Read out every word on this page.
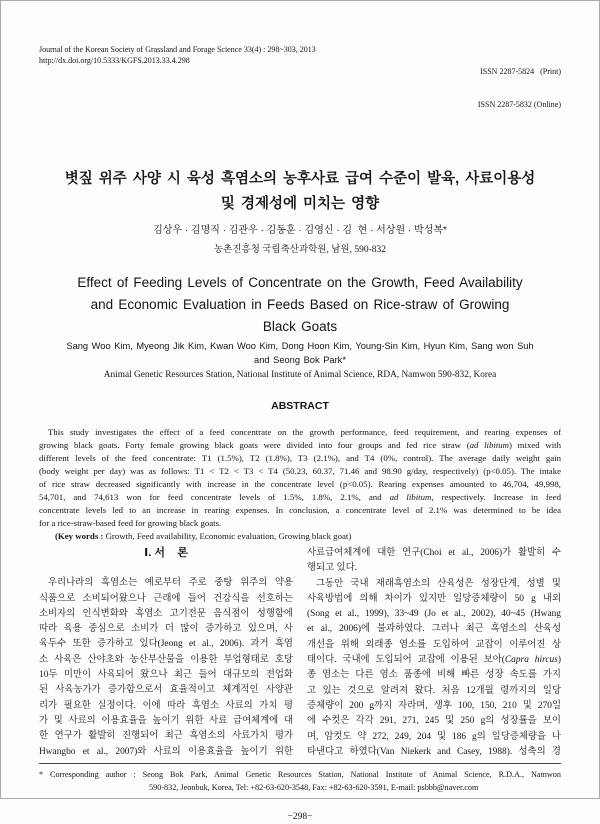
Journal of the Korean Society of Grassland and Forage Science 33(4) : 298~303, 2013
http://dx.doi.org/10.5333/KGFS.2013.33.4.298

ISSN 2287-5824   (Print)

ISSN 2287-5832 (Online)

볏짚 위주 사양 시 육성 흑염소의 농후사료 급여 수준이 발육, 사료이용성
및 경제성에 미치는 영향
김상우 · 김명직 · 김관우 · 김동훈 · 김영신 · 김  현 · 서상원 · 박성복*
농촌진흥청 국립축산과학원, 남원, 590-832
Effect of Feeding Levels of Concentrate on the Growth, Feed Availability
and Economic Evaluation in Feeds Based on Rice-straw of Growing
Black Goats
Sang Woo Kim, Myeong Jik Kim, Kwan Woo Kim, Dong Hoon Kim, Young-Sin Kim, Hyun Kim, Sang won Suh
and Seong Bok Park*
Animal Genetic Resources Station, National Institute of Animal Science, RDA, Namwon 590-832, Korea
ABSTRACT
This study investigates the effect of a feed concentrate on the growth performance, feed requirement, and rearing expenses of
growing black goats. Forty female growing black goats were divided into four groups and fed rice straw (ad libitum) mixed with
different levels of the feed concentrate: T1 (1.5%), T2 (1.8%), T3 (2.1%), and T4 (0%, control). The average daily weight gain
(body weight per day) was as follows: T1 < T2 < T3 < T4 (50.23, 60.37, 71.46 and 98.90 g/day, respectively) (p<0.05). The intake
of rice straw decreased significantly with increase in the concentrate level (p<0.05). Rearing expenses amounted to 46,704, 49,998,
54,701, and 74,613 won for feed concentrate levels of 1.5%, 1.8%, 2.1%, and ad libitum, respectively. Increase in feed
concentrate levels led to an increase in rearing expenses. In conclusion, a concentrate level of 2.1% was determined to be idea
for a rice-straw-based feed for growing black goats.
(Key words : Growth, Feed availability, Economic evaluation, Growing black goat)
Ⅰ. 서    론
우리나라의 흑염소는 예로부터 주로 중탕 위주의 약용
식품으로 소비되어왔으나 근래에 들어 건강식을 선호하는
소비자의 인식변화와 흑염소 고기전문 음식점이 성행함에
따라 육용 중심으로 소비가 더 많이 증가하고 있으며, 사
육두수 또한 증가하고 있다(Jeong et al., 2006). 과거 흑염
소 사육은 산야초와 농산부산물을 이용한 부업형태로 호당
10두 미만이 사육되어 왔으나 최근 들어 대규모의 전업화
된 사육농가가 증가함으로서 효율적이고 체계적인 사양관
리가 필요한 실정이다. 이에 따라 흑염소 사료의 가치 평
가 및 사료의 이용효율을 높이기 위한 사료 급여체계에 대
한 연구가 활발히 진행되어 최근 흑염소의 사료가치 평가
Hwangbo et al., 2007)와 사료의 이용효율을 높이기 위한
사료급여체계에 대한 연구(Choi et al., 2006)가 활발히 수
행되고 있다.
그동안 국내 재래흑염소의 산육성은 성장단계, 성별 및
사육방법에 의해 차이가 있지만 일당증체량이 50 g 내외
(Song et al., 1999), 33~49 (Jo et al., 2002), 40~45 (Hwang
et al., 2006)에 불과하였다. 그러나 최근 흑염소의 산육성
개선을 위해 외래종 염소를 도입하여 교잡이 이루어진 상
태이다. 국내에 도입되어 교잡에 이용된 보아(Capra hircus)
종 염소는 다른 염소 품종에 비해 빠른 성장 속도를 가지
고 있는 것으로 알려져 왔다. 처음 12개월 령까지의 일당
증체량이 200 g까지 자라며, 생후 100, 150, 210 및 270일
에 수컷은 각각 291, 271, 245 및 250 g의 성장률을 보이
며, 암컷도 약 272, 249, 204 및 186 g의 일당증체량을 나
타낸다고 하였다(Van Niekerk and Casey, 1988). 성축의 경
* Corresponding author : Seong Bok Park, Animal Genetic Resources Station, National Institute of Animal Science, R.D.A., Namwon
590-832, Jeonbuk, Korea, Tel: +82-63-620-3548, Fax: +82-63-620-3591, E-mail: psbbb@naver.com
−298−
